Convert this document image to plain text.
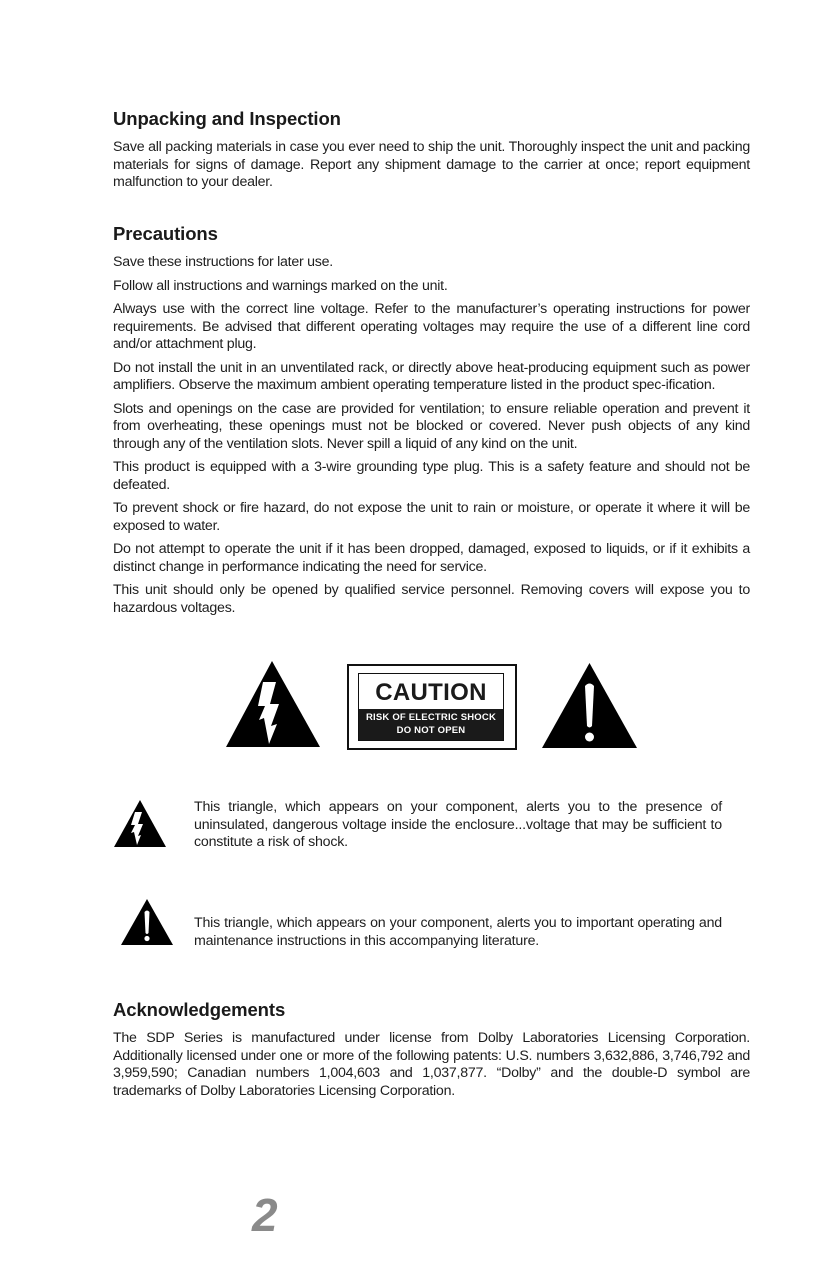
Unpacking and Inspection

Save all packing materials in case you ever need to ship the unit. Thoroughly inspect the unit and packing materials for signs of damage. Report any shipment damage to the carrier at once; report equipment malfunction to your dealer.

Precautions

Save these instructions for later use.

Follow all instructions and warnings marked on the unit.

Always use with the correct line voltage. Refer to the manufacturer’s operating instructions for power requirements. Be advised that different operating voltages may require the use of a different line cord and/or attachment plug.

Do not install the unit in an unventilated rack, or directly above heat-producing equipment such as power amplifiers. Observe the maximum ambient operating temperature listed in the product spec-ification.

Slots and openings on the case are provided for ventilation; to ensure reliable operation and prevent it from overheating, these openings must not be blocked or covered. Never push objects of any kind through any of the ventilation slots. Never spill a liquid of any kind on the unit.

This product is equipped with a 3-wire grounding type plug. This is a safety feature and should not be defeated.

To prevent shock or fire hazard, do not expose the unit to rain or moisture, or operate it where it will be exposed to water.

Do not attempt to operate the unit if it has been dropped, damaged, exposed to liquids, or if it exhibits a distinct change in performance indicating the need for service.

This unit should only be opened by qualified service personnel. Removing covers will expose you to hazardous voltages.

CAUTION
RISK OF ELECTRIC SHOCK
DO NOT OPEN
This triangle, which appears on your component, alerts you to the presence of uninsulated, dangerous voltage inside the enclosure...voltage that may be sufficient to constitute a risk of shock.
This triangle, which appears on your component, alerts you to important operating and maintenance instructions in this accompanying literature.
Acknowledgements

The SDP Series is manufactured under license from Dolby Laboratories Licensing Corporation. Additionally licensed under one or more of the following patents: U.S. numbers 3,632,886, 3,746,792 and 3,959,590; Canadian numbers 1,004,603 and 1,037,877. “Dolby” and the double-D symbol are trademarks of Dolby Laboratories Licensing Corporation.

2
